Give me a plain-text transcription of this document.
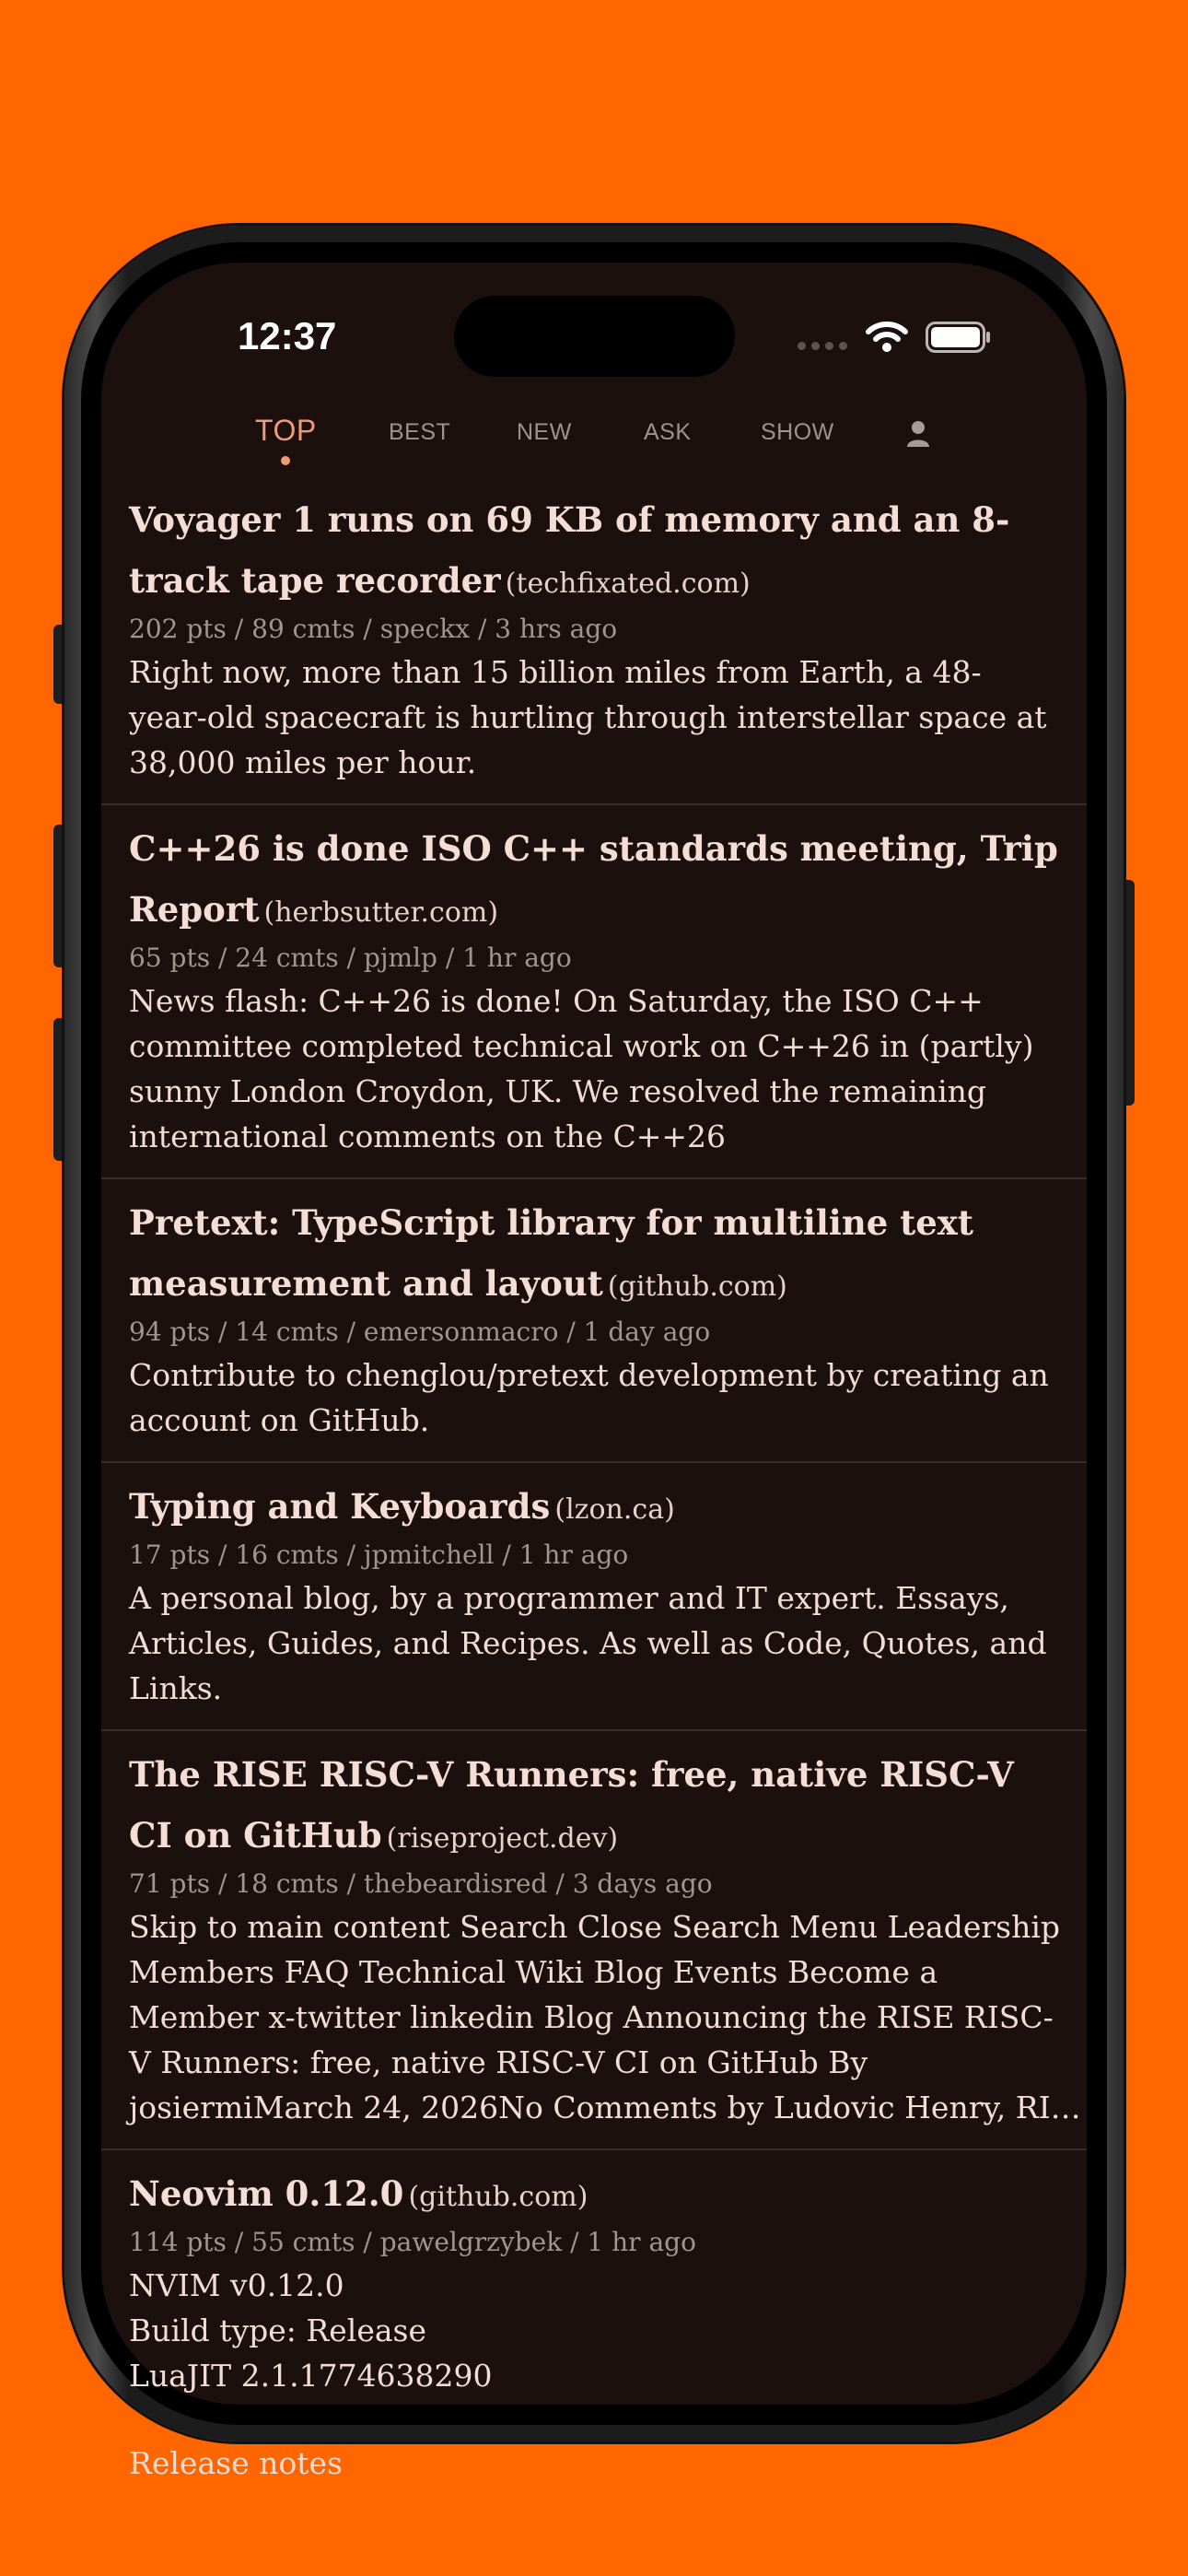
12:37
TOP	BEST	NEW	ASK	SHOW

Voyager 1 runs on 69 KB of memory and an 8-track tape recorder (techfixated.com)

202 pts / 89 cmts / speckx / 3 hrs ago
Right now, more than 15 billion miles from Earth, a 48-year-old spacecraft is hurtling through interstellar space at 38,000 miles per hour.

C++26 is done ISO C++ standards meeting, Trip Report (herbsutter.com)

65 pts / 24 cmts / pjmlp / 1 hr ago
News flash: C++26 is done! On Saturday, the ISO C++ committee completed technical work on C++26 in (partly) sunny London Croydon, UK. We resolved the remaining international comments on the C++26

Pretext: TypeScript library for multiline text measurement and layout (github.com)

94 pts / 14 cmts / emersonmacro / 1 day ago
Contribute to chenglou/pretext development by creating an account on GitHub.

Typing and Keyboards (lzon.ca)

17 pts / 16 cmts / jpmitchell / 1 hr ago
A personal blog, by a programmer and IT expert. Essays, Articles, Guides, and Recipes. As well as Code, Quotes, and Links.

The RISE RISC-V Runners: free, native RISC-V CI on GitHub (riseproject.dev)

71 pts / 18 cmts / thebeardisred / 3 days ago
Skip to main content Search Close Search Menu Leadership
Members FAQ Technical Wiki Blog Events Become a
Member x-twitter linkedin Blog Announcing the RISE RISC-
V Runners: free, native RISC-V CI on GitHub By
josiermiMarch 24, 2026No Comments by Ludovic Henry, RI…

Neovim 0.12.0 (github.com)

114 pts / 55 cmts / pawelgrzybek / 1 hr ago
NVIM v0.12.0
Build type: Release
LuaJIT 2.1.1774638290
Release notes
